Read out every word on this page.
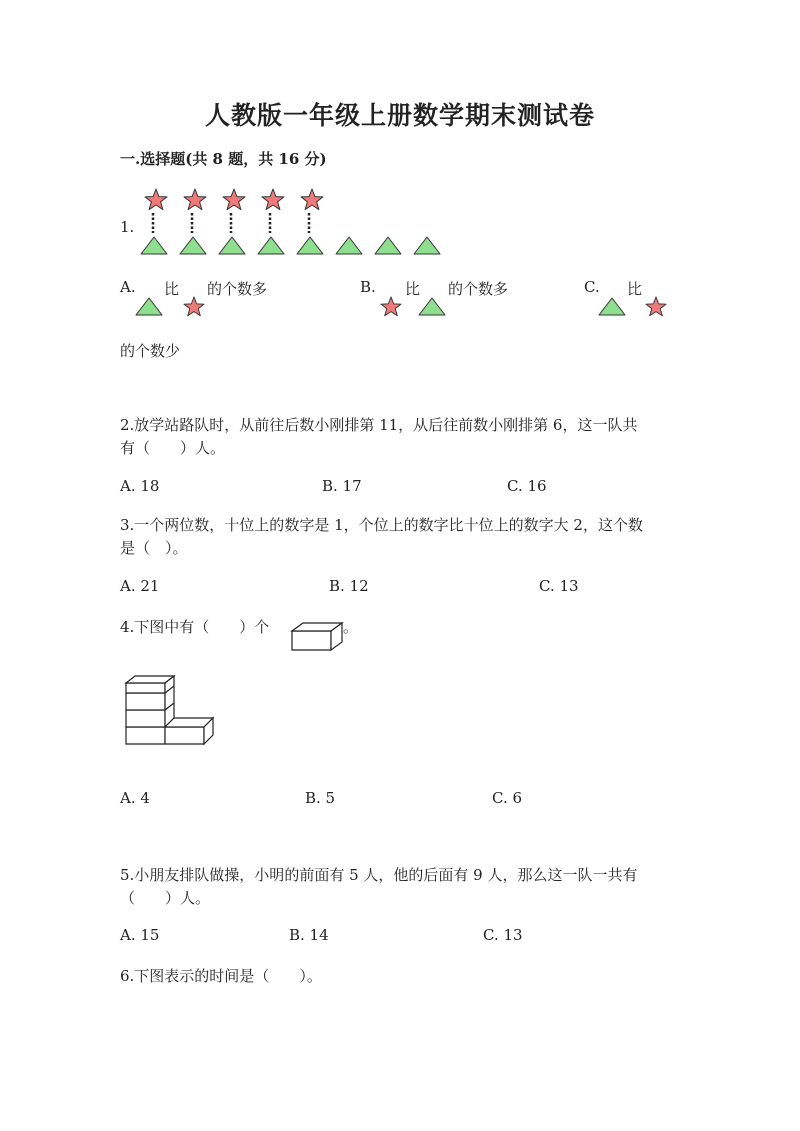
人教版一年级上册数学期末测试卷
一.选择题(共 8 题，共 16 分)
1.
A. 比 的个数多	B. 比 的个数多	C. 比
的个数少
2.放学站路队时，从前往后数小刚排第 11，从后往前数小刚排第 6，这一队共
有（　　）人。
A. 18	B. 17	C. 16
3.一个两位数，十位上的数字是 1，个位上的数字比十位上的数字大 2，这个数
是（　）。
A. 21	B. 12	C. 13
4.下图中有（　　）个	。
A. 4	B. 5	C. 6
5.小朋友排队做操，小明的前面有 5 人，他的后面有 9 人，那么这一队一共有
（　　）人。
A. 15	B. 14	C. 13
6.下图表示的时间是（　　）。
